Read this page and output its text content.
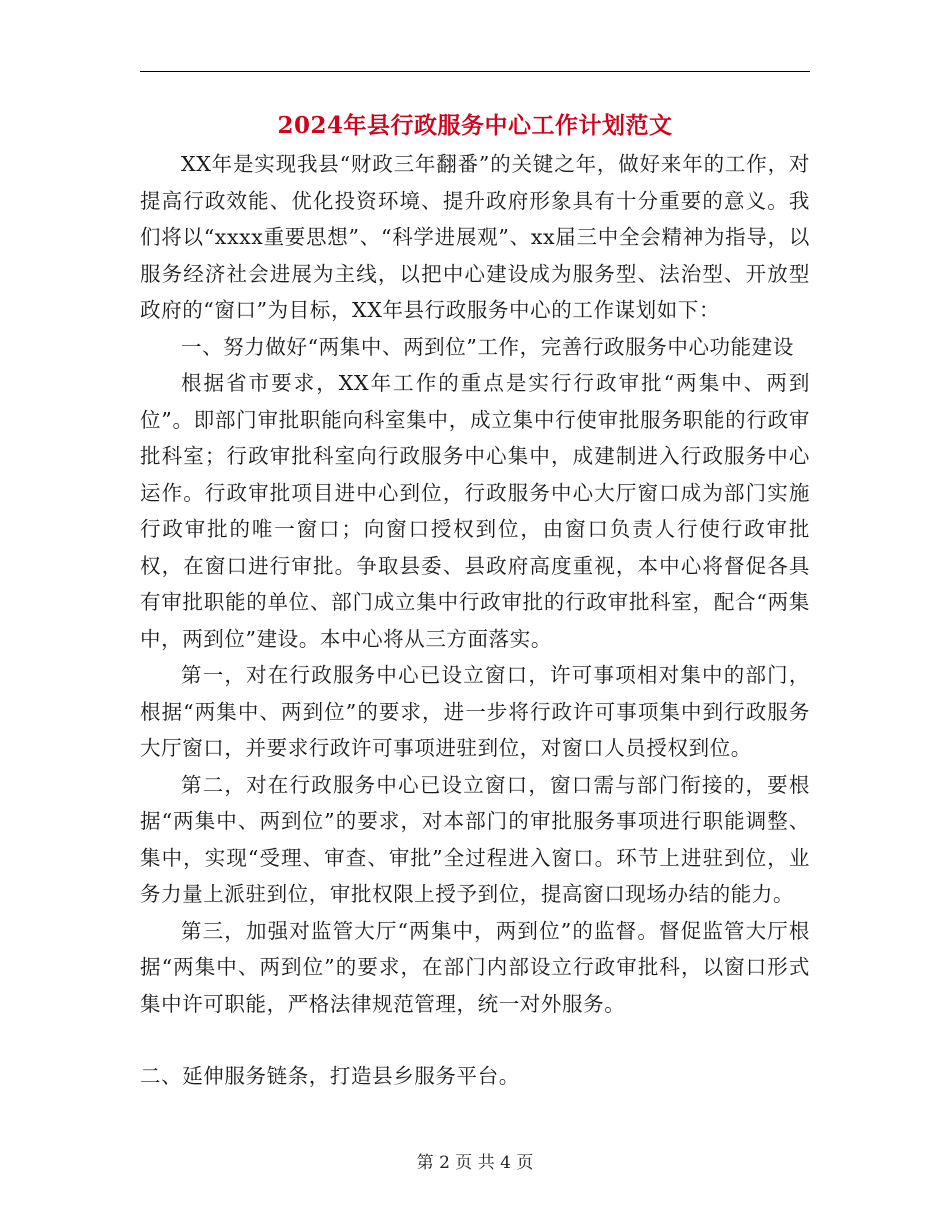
2024年县行政服务中心工作计划范文

XX年是实现我县“财政三年翻番”的关键之年，做好来年的工作，对提高行政效能、优化投资环境、提升政府形象具有十分重要的意义。我们将以“xxxx重要思想”、“科学进展观”、xx届三中全会精神为指导，以服务经济社会进展为主线，以把中心建设成为服务型、法治型、开放型政府的“窗口”为目标，XX年县行政服务中心的工作谋划如下：

一、努力做好“两集中、两到位”工作，完善行政服务中心功能建设

根据省市要求，XX年工作的重点是实行行政审批“两集中、两到位”。即部门审批职能向科室集中，成立集中行使审批服务职能的行政审批科室；行政审批科室向行政服务中心集中，成建制进入行政服务中心运作。行政审批项目进中心到位，行政服务中心大厅窗口成为部门实施行政审批的唯一窗口；向窗口授权到位，由窗口负责人行使行政审批权，在窗口进行审批。争取县委、县政府高度重视，本中心将督促各具有审批职能的单位、部门成立集中行政审批的行政审批科室，配合“两集中，两到位”建设。本中心将从三方面落实。

第一，对在行政服务中心已设立窗口，许可事项相对集中的部门，根据“两集中、两到位”的要求，进一步将行政许可事项集中到行政服务大厅窗口，并要求行政许可事项进驻到位，对窗口人员授权到位。

第二，对在行政服务中心已设立窗口，窗口需与部门衔接的，要根据“两集中、两到位”的要求，对本部门的审批服务事项进行职能调整、集中，实现“受理、审查、审批”全过程进入窗口。环节上进驻到位，业务力量上派驻到位，审批权限上授予到位，提高窗口现场办结的能力。

第三，加强对监管大厅“两集中，两到位”的监督。督促监管大厅根据“两集中、两到位”的要求，在部门内部设立行政审批科，以窗口形式集中许可职能，严格法律规范管理，统一对外服务。

二、延伸服务链条，打造县乡服务平台。

第 2 页 共 4 页
